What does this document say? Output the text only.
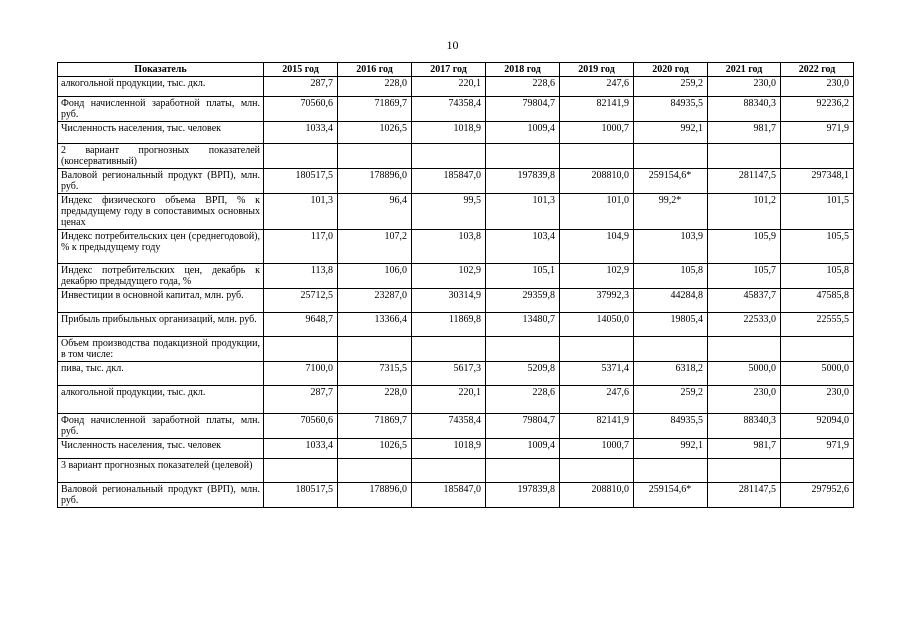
10
Показатель	2015 год	2016 год	2017 год	2018 год	2019 год	2020 год	2021 год	2022 год
алкогольной продукции, тыс. дкл.	287,7	228,0	220,1	228,6	247,6	259,2	230,0	230,0
Фонд начисленной заработной платы, млн. руб.	70560,6	71869,7	74358,4	79804,7	82141,9	84935,5	88340,3	92236,2
Численность населения, тыс. человек	1033,4	1026,5	1018,9	1009,4	1000,7	992,1	981,7	971,9
2 вариант прогнозных показателей (консервативный)								
Валовой региональный продукт (ВРП), млн. руб.	180517,5	178896,0	185847,0	197839,8	208810,0	259154,6*	281147,5	297348,1
Индекс физического объема ВРП, % к предыдущему году в сопоставимых основных ценах	101,3	96,4	99,5	101,3	101,0	99,2*	101,2	101,5
Индекс потребительских цен (среднегодовой), % к предыдущему году	117,0	107,2	103,8	103,4	104,9	103,9	105,9	105,5
Индекс потребительских цен, декабрь к декабрю предыдущего года, %	113,8	106,0	102,9	105,1	102,9	105,8	105,7	105,8
Инвестиции в основной капитал, млн. руб.	25712,5	23287,0	30314,9	29359,8	37992,3	44284,8	45837,7	47585,8
Прибыль прибыльных организаций, млн. руб.	9648,7	13366,4	11869,8	13480,7	14050,0	19805,4	22533,0	22555,5
Объем производства подакцизной продукции, в том числе:								
пива, тыс. дкл.	7100,0	7315,5	5617,3	5209,8	5371,4	6318,2	5000,0	5000,0
алкогольной продукции, тыс. дкл.	287,7	228,0	220,1	228,6	247,6	259,2	230,0	230,0
Фонд начисленной заработной платы, млн. руб.	70560,6	71869,7	74358,4	79804,7	82141,9	84935,5	88340,3	92094,0
Численность населения, тыс. человек	1033,4	1026,5	1018,9	1009,4	1000,7	992,1	981,7	971,9
3 вариант прогнозных показателей (целевой)								
Валовой региональный продукт (ВРП), млн. руб.	180517,5	178896,0	185847,0	197839,8	208810,0	259154,6*	281147,5	297952,6
